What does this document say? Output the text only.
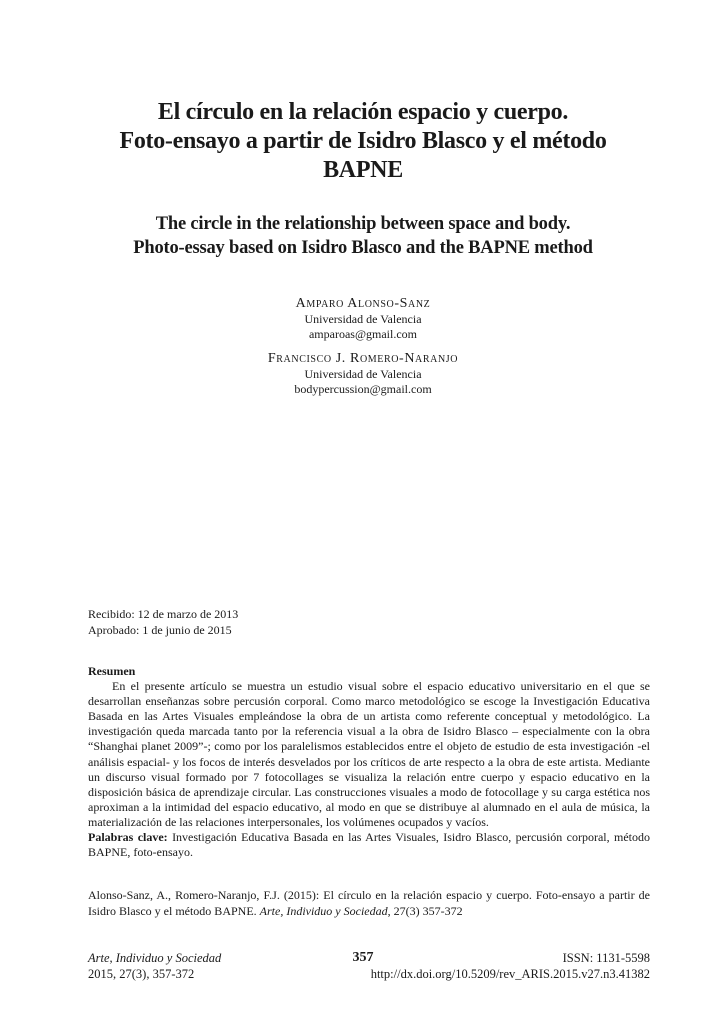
El círculo en la relación espacio y cuerpo.
Foto-ensayo a partir de Isidro Blasco y el método
BAPNE
The circle in the relationship between space and body.
Photo-essay based on Isidro Blasco and the BAPNE method
Amparo Alonso-Sanz
Universidad de Valencia
amparoas@gmail.com
Francisco J. Romero-Naranjo
Universidad de Valencia
bodypercussion@gmail.com
Recibido: 12 de marzo de 2013
Aprobado: 1 de junio de 2015
Resumen

En el presente artículo se muestra un estudio visual sobre el espacio educativo universitario en el que se desarrollan enseñanzas sobre percusión corporal. Como marco metodológico se escoge la Investigación Educativa Basada en las Artes Visuales empleándose la obra de un artista como referente conceptual y metodológico. La investigación queda marcada tanto por la referencia visual a la obra de Isidro Blasco – especialmente con la obra “Shanghai planet 2009”-; como por los paralelismos establecidos entre el objeto de estudio de esta investigación -el análisis espacial- y los focos de interés desvelados por los críticos de arte respecto a la obra de este artista. Mediante un discurso visual formado por 7 fotocollages se visualiza la relación entre cuerpo y espacio educativo en la disposición básica de aprendizaje circular. Las construcciones visuales a modo de fotocollage y su carga estética nos aproximan a la intimidad del espacio educativo, al modo en que se distribuye al alumnado en el aula de música, la materialización de las relaciones interpersonales, los volúmenes ocupados y vacíos.

Palabras clave: Investigación Educativa Basada en las Artes Visuales, Isidro Blasco, percusión corporal, método BAPNE, foto-ensayo.

Alonso-Sanz, A., Romero-Naranjo, F.J. (2015): El círculo en la relación espacio y cuerpo. Foto-ensayo a partir de Isidro Blasco y el método BAPNE. Arte, Individuo y Sociedad, 27(3) 357-372
Arte, Individuo y Sociedad
2015, 27(3), 357-372
357	ISSN: 1131-5598
http://dx.doi.org/10.5209/rev_ARIS.2015.v27.n3.41382
